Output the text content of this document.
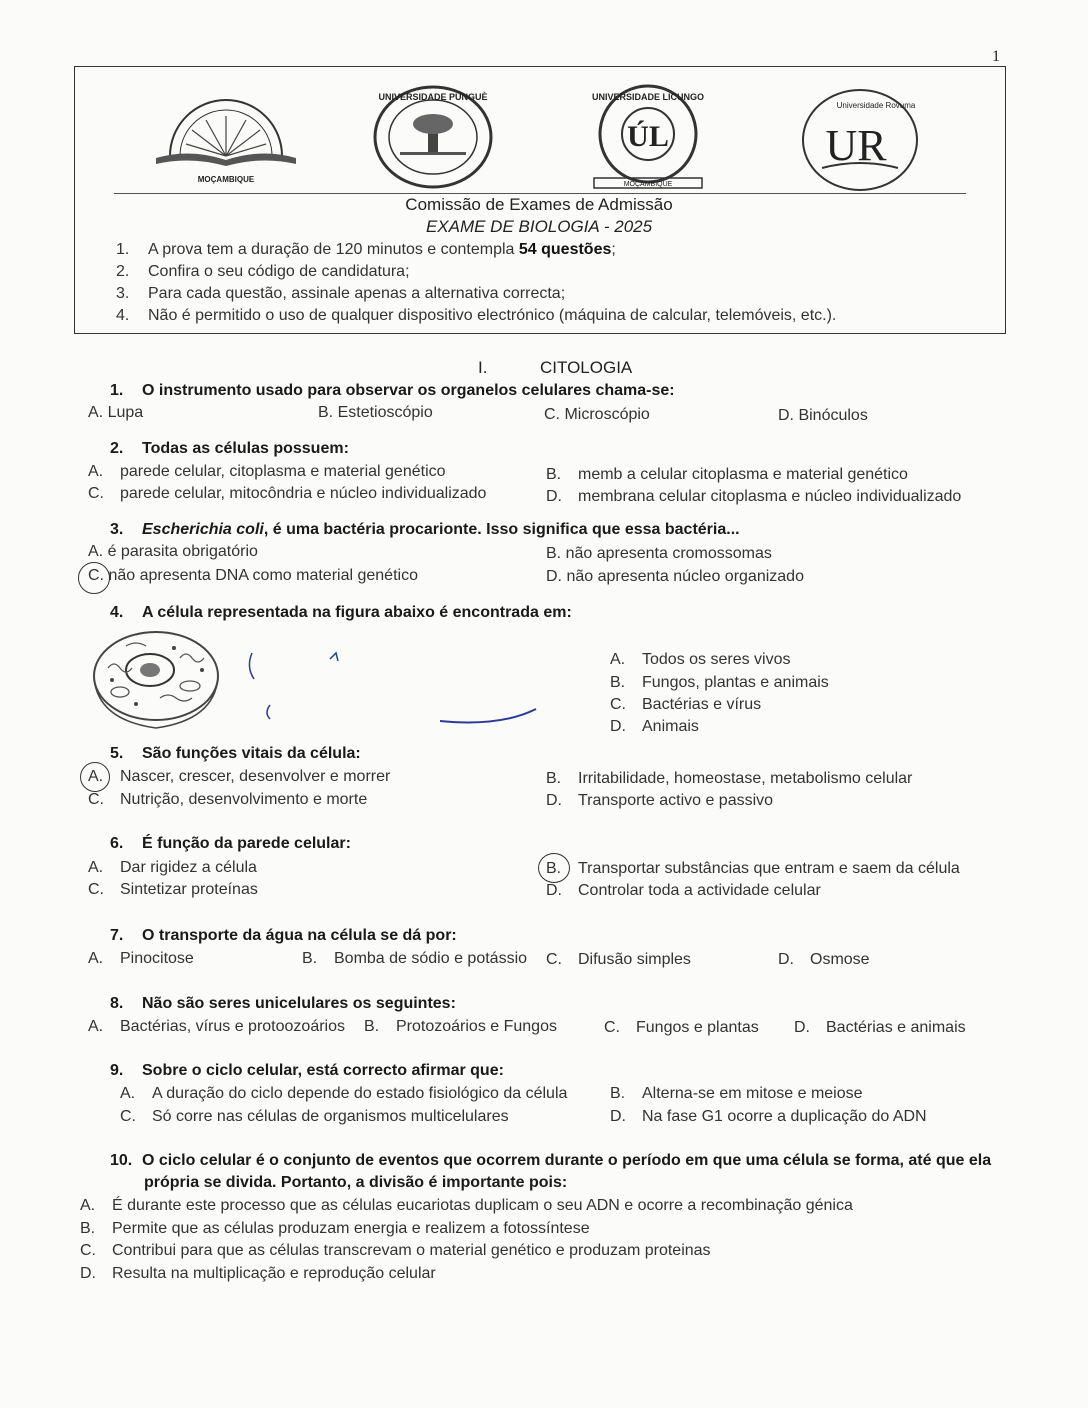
1
MOÇAMBIQUE
UNIVERSIDADE PÚNGUÈ
ÚL
UNIVERSIDADE LICUNGO
MOÇAMBIQUE
UR
Universidade Rovuma
Comissão de Exames de Admissão
EXAME DE BIOLOGIA - 2025
1. A prova tem a duração de 120 minutos e contempla 54 questões;
2. Confira o seu código de candidatura;
3. Para cada questão, assinale apenas a alternativa correcta;
4. Não é permitido o uso de qualquer dispositivo electrónico (máquina de calcular, telemóveis, etc.).
I.	CITOLOGIA
1. O instrumento usado para observar os organelos celulares chama-se:
A. Lupa	B. Estetioscópio	C. Microscópio	D. Binóculos
2. Todas as células possuem:
A. parede celular, citoplasma e material genético	B. memb a celular citoplasma e material genético
C. parede celular, mitocôndria e núcleo individualizado	D. membrana celular citoplasma e núcleo individualizado
3. Escherichia coli, é uma bactéria procarionte. Isso significa que essa bactéria...
A. é parasita obrigatório	B. não apresenta cromossomas
C. não apresenta DNA como material genético	D. não apresenta núcleo organizado
4. A célula representada na figura abaixo é encontrada em:
A. Todos os seres vivos
B. Fungos, plantas e animais
C. Bactérias e vírus
D. Animais
5. São funções vitais da célula:
A. Nascer, crescer, desenvolver e morrer	B. Irritabilidade, homeostase, metabolismo celular
C. Nutrição, desenvolvimento e morte	D. Transporte activo e passivo
6. É função da parede celular:
A. Dar rigidez a célula	B. Transportar substâncias que entram e saem da célula
C. Sintetizar proteínas	D. Controlar toda a actividade celular
7. O transporte da água na célula se dá por:
A. Pinocitose	B. Bomba de sódio e potássio C. Difusão simples	D. Osmose
8. Não são seres unicelulares os seguintes:
A. Bactérias, vírus e protoozoários B. Protozoários e Fungos	C. Fungos e plantas D. Bactérias e animais
9. Sobre o ciclo celular, está correcto afirmar que:
A. A duração do ciclo depende do estado fisiológico da célula	B. Alterna-se em mitose e meiose
C. Só corre nas células de organismos multicelulares	D. Na fase G1 ocorre a duplicação do ADN
10. O ciclo celular é o conjunto de eventos que ocorrem durante o período em que uma célula se forma, até que ela
própria se divida. Portanto, a divisão é importante pois:
A. É durante este processo que as células eucariotas duplicam o seu ADN e ocorre a recombinação génica
B. Permite que as células produzam energia e realizem a fotossíntese
C. Contribui para que as células transcrevam o material genético e produzam proteinas
D. Resulta na multiplicação e reprodução celular
